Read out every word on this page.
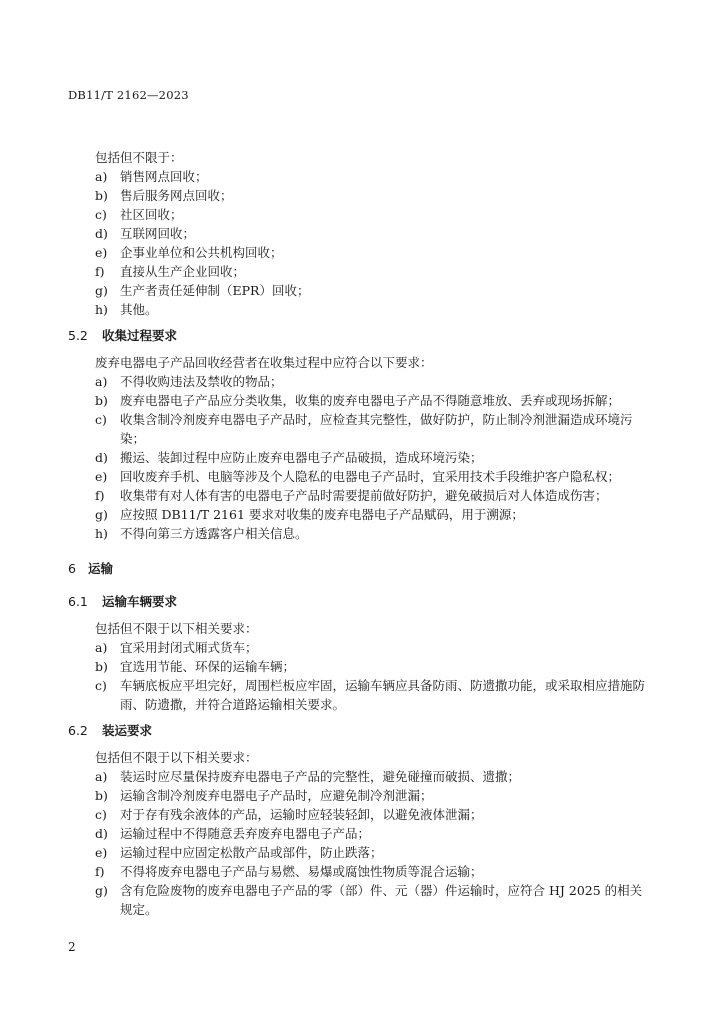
DB11/T 2162—2023

包括但不限于：

a)	销售网点回收；
b) 售后服务网点回收；
c)	社区回收；
d) 互联网回收；
e)	企事业单位和公共机构回收；
f)	直接从生产企业回收；
g) 生产者责任延伸制（EPR）回收；
h) 其他。
5.2 收集过程要求

废弃电器电子产品回收经营者在收集过程中应符合以下要求：

a)	不得收购违法及禁收的物品；
b) 废弃电器电子产品应分类收集，收集的废弃电器电子产品不得随意堆放、丢弃或现场拆解；
c)	收集含制冷剂废弃电器电子产品时，应检查其完整性，做好防护，防止制冷剂泄漏造成环境污染；
d) 搬运、装卸过程中应防止废弃电器电子产品破损，造成环境污染；
e)	回收废弃手机、电脑等涉及个人隐私的电器电子产品时，宜采用技术手段维护客户隐私权；
f)	收集带有对人体有害的电器电子产品时需要提前做好防护，避免破损后对人体造成伤害；
g) 应按照 DB11/T 2161 要求对收集的废弃电器电子产品赋码，用于溯源；
h) 不得向第三方透露客户相关信息。
6 运输
6.1 运输车辆要求

包括但不限于以下相关要求：

a)	宜采用封闭式厢式货车；
b) 宜选用节能、环保的运输车辆；
c)	车辆底板应平坦完好，周围栏板应牢固，运输车辆应具备防雨、防遗撒功能，或采取相应措施防雨、防遗撒，并符合道路运输相关要求。
6.2 装运要求

包括但不限于以下相关要求：

a)	装运时应尽量保持废弃电器电子产品的完整性，避免碰撞而破损、遗撒；
b) 运输含制冷剂废弃电器电子产品时，应避免制冷剂泄漏；
c)	对于存有残余液体的产品，运输时应轻装轻卸，以避免液体泄漏；
d) 运输过程中不得随意丢弃废弃电器电子产品；
e)	运输过程中应固定松散产品或部件，防止跌落；
f)	不得将废弃电器电子产品与易燃、易爆或腐蚀性物质等混合运输；
g) 含有危险废物的废弃电器电子产品的零（部）件、元（器）件运输时，应符合 HJ 2025 的相关规定。
2
